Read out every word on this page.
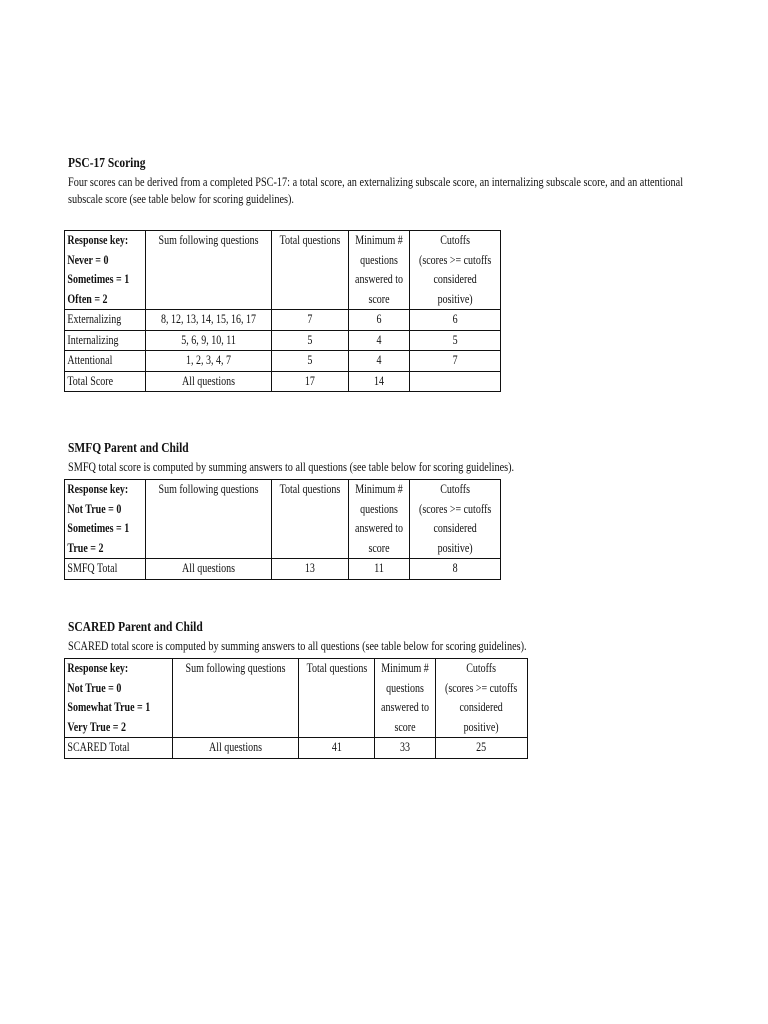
PSC-17 Scoring
Four scores can be derived from a completed PSC-17: a total score, an externalizing subscale score, an internalizing subscale score, and an attentional subscale score (see table below for scoring guidelines).
Response key:
Never = 0
Sometimes = 1
Often = 2	Sum following questions	Total questions	Minimum #
questions
answered to
score	Cutoffs
(scores >= cutoffs
considered
positive)

Externalizing	8, 12, 13, 14, 15, 16, 17	7	6	6

Internalizing	5, 6, 9, 10, 11	5	4	5

Attentional	1, 2, 3, 4, 7	5	4	7

Total Score	All questions	17	14	

SMFQ Parent and Child
SMFQ total score is computed by summing answers to all questions (see table below for scoring guidelines).
Response key:
Not True = 0
Sometimes = 1
True = 2	Sum following questions	Total questions	Minimum #
questions
answered to
score	Cutoffs
(scores >= cutoffs
considered
positive)

SMFQ Total	All questions	13	11	8
SCARED Parent and Child
SCARED total score is computed by summing answers to all questions (see table below for scoring guidelines).
Response key:
Not True = 0
Somewhat True = 1
Very True = 2	Sum following questions	Total questions	Minimum #
questions
answered to
score	Cutoffs
(scores >= cutoffs
considered
positive)

SCARED Total	All questions	41	33	25
